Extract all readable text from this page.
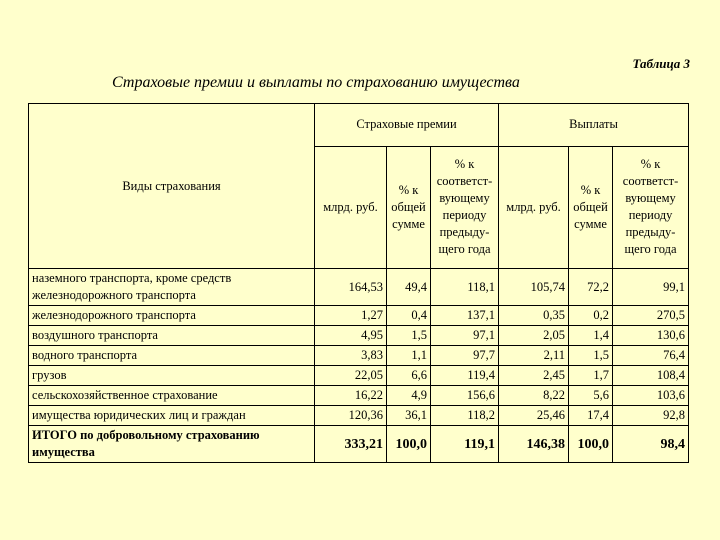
Таблица 3
Страховые премии и выплаты по страхованию имущества
Виды страхования	Страховые премии			Выплаты		
	млрд. руб.	% к общей сумме	% к соответст-вующему периоду предыду-щего года	млрд. руб.	% к общей сумме	% к соответст-вующему периоду предыду-щего года
наземного транспорта, кроме средств железнодорожного транспорта	164,53	49,4	118,1	105,74	72,2	99,1
железнодорожного транспорта	1,27	0,4	137,1	0,35	0,2	270,5
воздушного транспорта	4,95	1,5	97,1	2,05	1,4	130,6
водного транспорта	3,83	1,1	97,7	2,11	1,5	76,4
грузов	22,05	6,6	119,4	2,45	1,7	108,4
сельскохозяйственное страхование	16,22	4,9	156,6	8,22	5,6	103,6
имущества юридических лиц и граждан	120,36	36,1	118,2	25,46	17,4	92,8
ИТОГО по добровольному страхованию имущества	333,21	100,0	119,1	146,38	100,0	98,4
